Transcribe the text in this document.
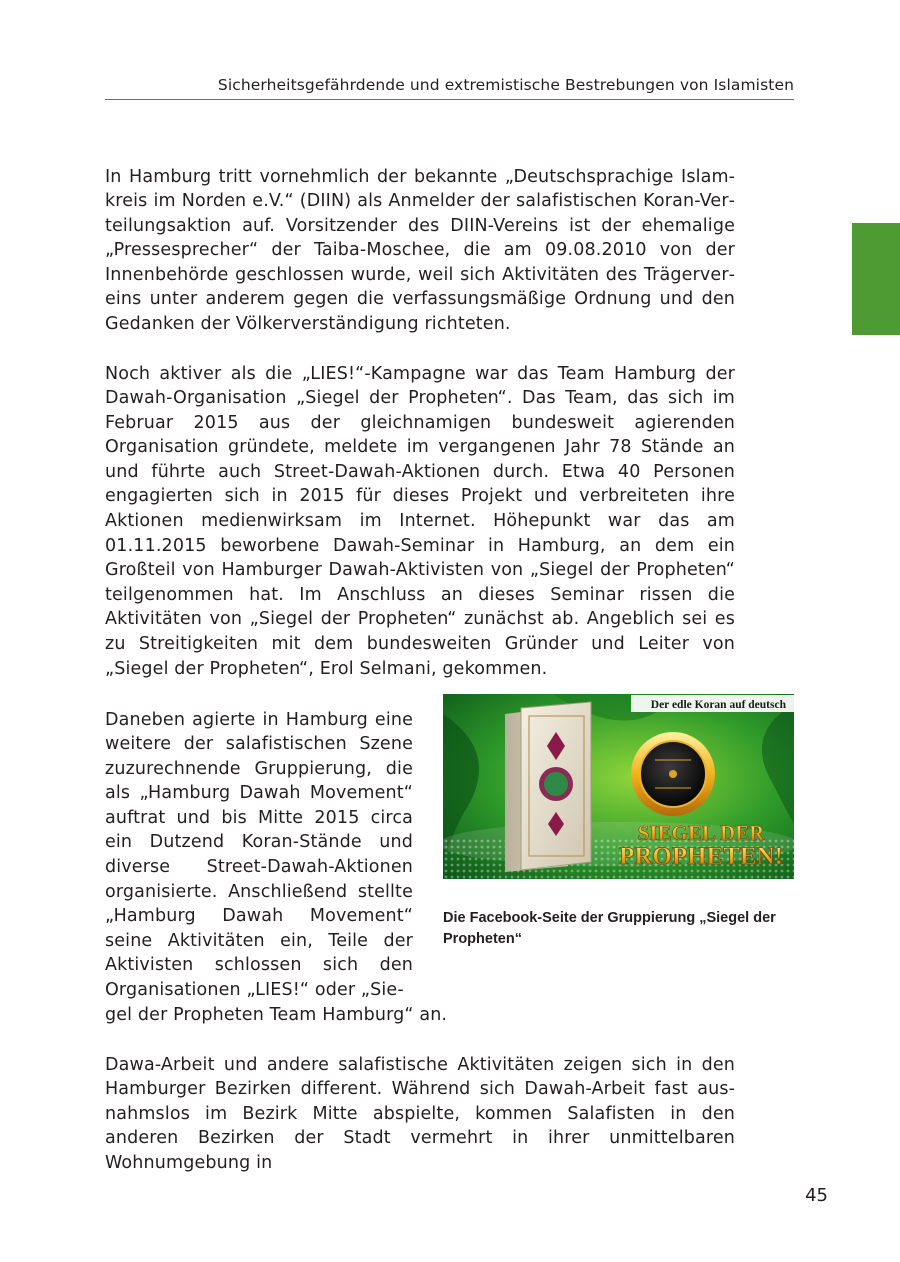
Sicherheitsgefährdende und extremistische Bestrebungen von Islamisten

In Hamburg tritt vornehmlich der bekannte „Deutschsprachige Islamkreis im Norden e.V.“ (DIIN) als Anmelder der salafistischen Koran-Verteilungsaktion auf. Vorsitzender des DIIN-Vereins ist der ehemalige „Pressesprecher“ der Taiba-Moschee, die am 09.08.2010 von der Innenbehörde geschlossen wurde, weil sich Aktivitäten des Trägervereins unter anderem gegen die verfassungsmäßige Ordnung und den Gedanken der Völkerverständigung richteten.

Noch aktiver als die „LIES!“-Kampagne war das Team Hamburg der Dawah-Organisation „Siegel der Propheten“. Das Team, das sich im Februar 2015 aus der gleichnamigen bundesweit agierenden Organisation gründete, meldete im vergangenen Jahr 78 Stände an und führte auch Street-Dawah-Aktionen durch. Etwa 40 Personen engagierten sich in 2015 für dieses Projekt und verbreiteten ihre Aktionen medienwirksam im Internet. Höhepunkt war das am 01.11.2015 beworbene Dawah-Seminar in Hamburg, an dem ein Großteil von Hamburger Dawah-Aktivisten von „Siegel der Propheten“ teilgenommen hat. Im Anschluss an dieses Seminar rissen die Aktivitäten von „Siegel der Propheten“ zunächst ab. Angeblich sei es zu Streitigkeiten mit dem bundesweiten Gründer und Leiter von „Siegel der Propheten“, Erol Selmani, gekommen.

Daneben agierte in Hamburg eine weitere der salafistischen Szene zuzurechnende Gruppierung, die als „Hamburg Dawah Movement“ auftrat und bis Mitte 2015 circa ein Dutzend Koran-Stände und diverse Street-Dawah-Aktionen organisierte. Anschließend stellte „Hamburg Dawah Movement“ seine Aktivitäten ein, Teile der Aktivisten schlossen sich den Organisationen „LIES!“ oder „Sie-

gel der Propheten Team Hamburg“ an.

Dawa-Arbeit und andere salafistische Aktivitäten zeigen sich in den Hamburger Bezirken different. Während sich Dawah-Arbeit fast ausnahmslos im Bezirk Mitte abspielte, kommen Salafisten in den anderen Bezirken der Stadt vermehrt in ihrer unmittelbaren Wohnumgebung in

Der edle Koran auf deutsch
SIEGEL DER
PROPHETEN!
Die Facebook-Seite der Gruppierung „Siegel der Propheten“
45
